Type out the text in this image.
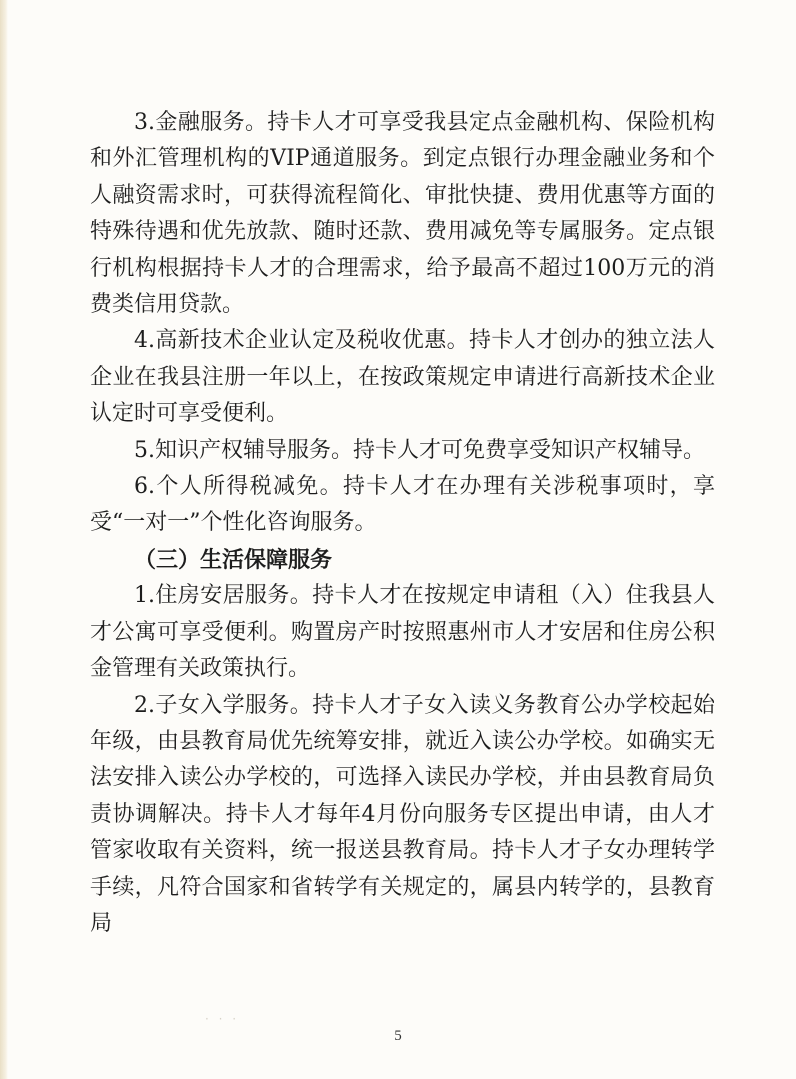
3.金融服务。持卡人才可享受我县定点金融机构、保险机构和外汇管理机构的VIP通道服务。到定点银行办理金融业务和个人融资需求时，可获得流程简化、审批快捷、费用优惠等方面的特殊待遇和优先放款、随时还款、费用减免等专属服务。定点银行机构根据持卡人才的合理需求，给予最高不超过100万元的消费类信用贷款。

4.高新技术企业认定及税收优惠。持卡人才创办的独立法人企业在我县注册一年以上，在按政策规定申请进行高新技术企业认定时可享受便利。

5.知识产权辅导服务。持卡人才可免费享受知识产权辅导。

6.个人所得税减免。持卡人才在办理有关涉税事项时，享受“一对一”个性化咨询服务。

（三）生活保障服务

1.住房安居服务。持卡人才在按规定申请租（入）住我县人才公寓可享受便利。购置房产时按照惠州市人才安居和住房公积金管理有关政策执行。

2.子女入学服务。持卡人才子女入读义务教育公办学校起始年级，由县教育局优先统筹安排，就近入读公办学校。如确实无法安排入读公办学校的，可选择入读民办学校，并由县教育局负责协调解决。持卡人才每年4月份向服务专区提出申请，由人才管家收取有关资料，统一报送县教育局。持卡人才子女办理转学手续，凡符合国家和省转学有关规定的，属县内转学的，县教育局

· · ·
5
